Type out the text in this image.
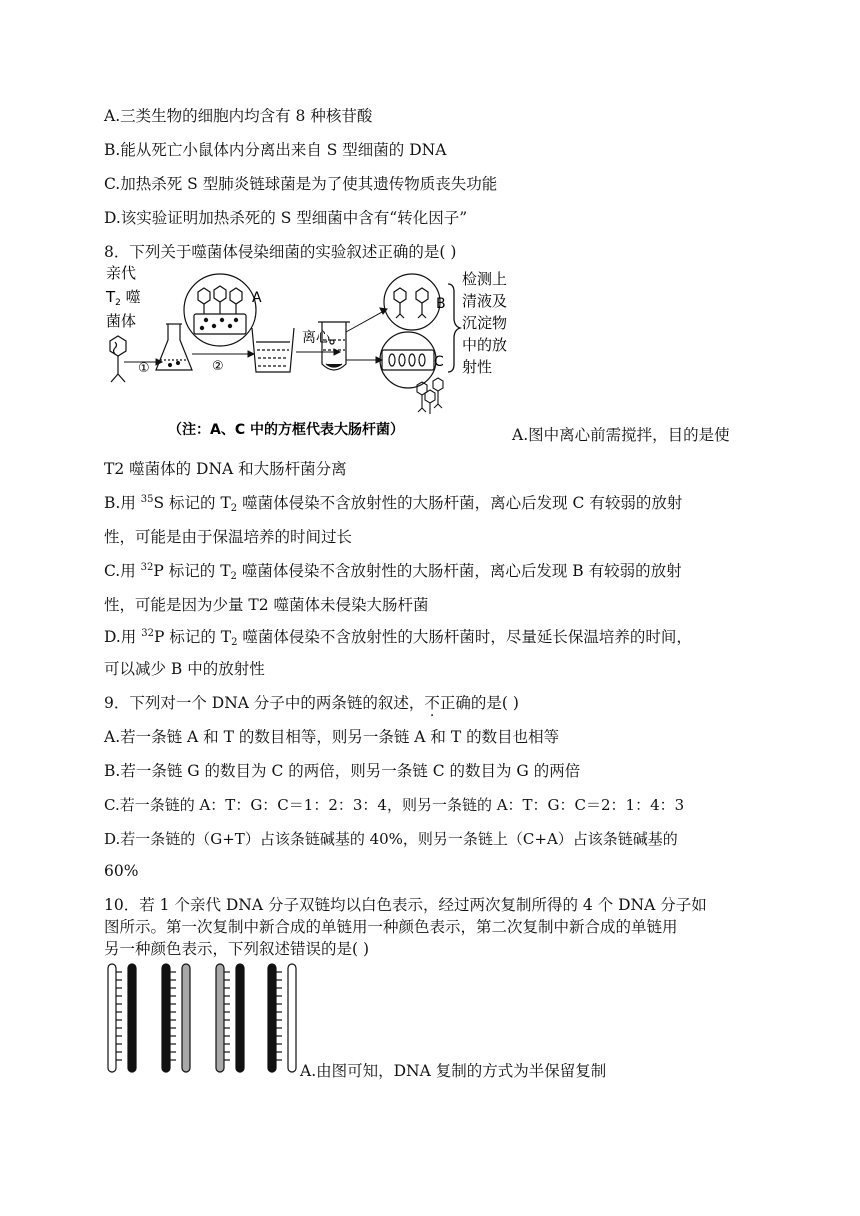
A.三类生物的细胞内均含有 8 种核苷酸
B.能从死亡小鼠体内分离出来自 S 型细菌的 DNA
C.加热杀死 S 型肺炎链球菌是为了使其遗传物质丧失功能
D.该实验证明加热杀死的 S 型细菌中含有“转化因子”
8．下列关于噬菌体侵染细菌的实验叙述正确的是( )
亲代
$T_2$ 噬
菌体
①	②
A
离心
B
C
检测上
清液及
沉淀物
中的放
射性
（注：A、C 中的方框代表大肠杆菌）	A.图中离心前需搅拌，目的是使
T2 噬菌体的 DNA 和大肠杆菌分离
B.用 $^{35}$S 标记的 $T_2$ 噬菌体侵染不含放射性的大肠杆菌，离心后发现 C 有较弱的放射
性，可能是由于保温培养的时间过长
C.用 $^{32}$P 标记的 $T_2$ 噬菌体侵染不含放射性的大肠杆菌，离心后发现 B 有较弱的放射
性，可能是因为少量 T2 噬菌体未侵染大肠杆菌
D.用 $^{32}$P 标记的 $T_2$ 噬菌体侵染不含放射性的大肠杆菌时，尽量延长保温培养的时间，
可以减少 B 中的放射性
9．下列对一个 DNA 分子中的两条链的叙述，不正确的是( )
A.若一条链 A 和 T 的数目相等，则另一条链 A 和 T 的数目也相等
B.若一条链 G 的数目为 C 的两倍，则另一条链 C 的数目为 G 的两倍
C.若一条链的 A：T：G：C＝1：2：3：4，则另一条链的 A：T：G：C＝2：1：4：3
D.若一条链的（G+T）占该条链碱基的 40%，则另一条链上（C+A）占该条链碱基的
60%
10．若 1 个亲代 DNA 分子双链均以白色表示，经过两次复制所得的 4 个 DNA 分子如
图所示。第一次复制中新合成的单链用一种颜色表示，第二次复制中新合成的单链用
另一种颜色表示，下列叙述错误的是( )
A.由图可知，DNA 复制的方式为半保留复制
